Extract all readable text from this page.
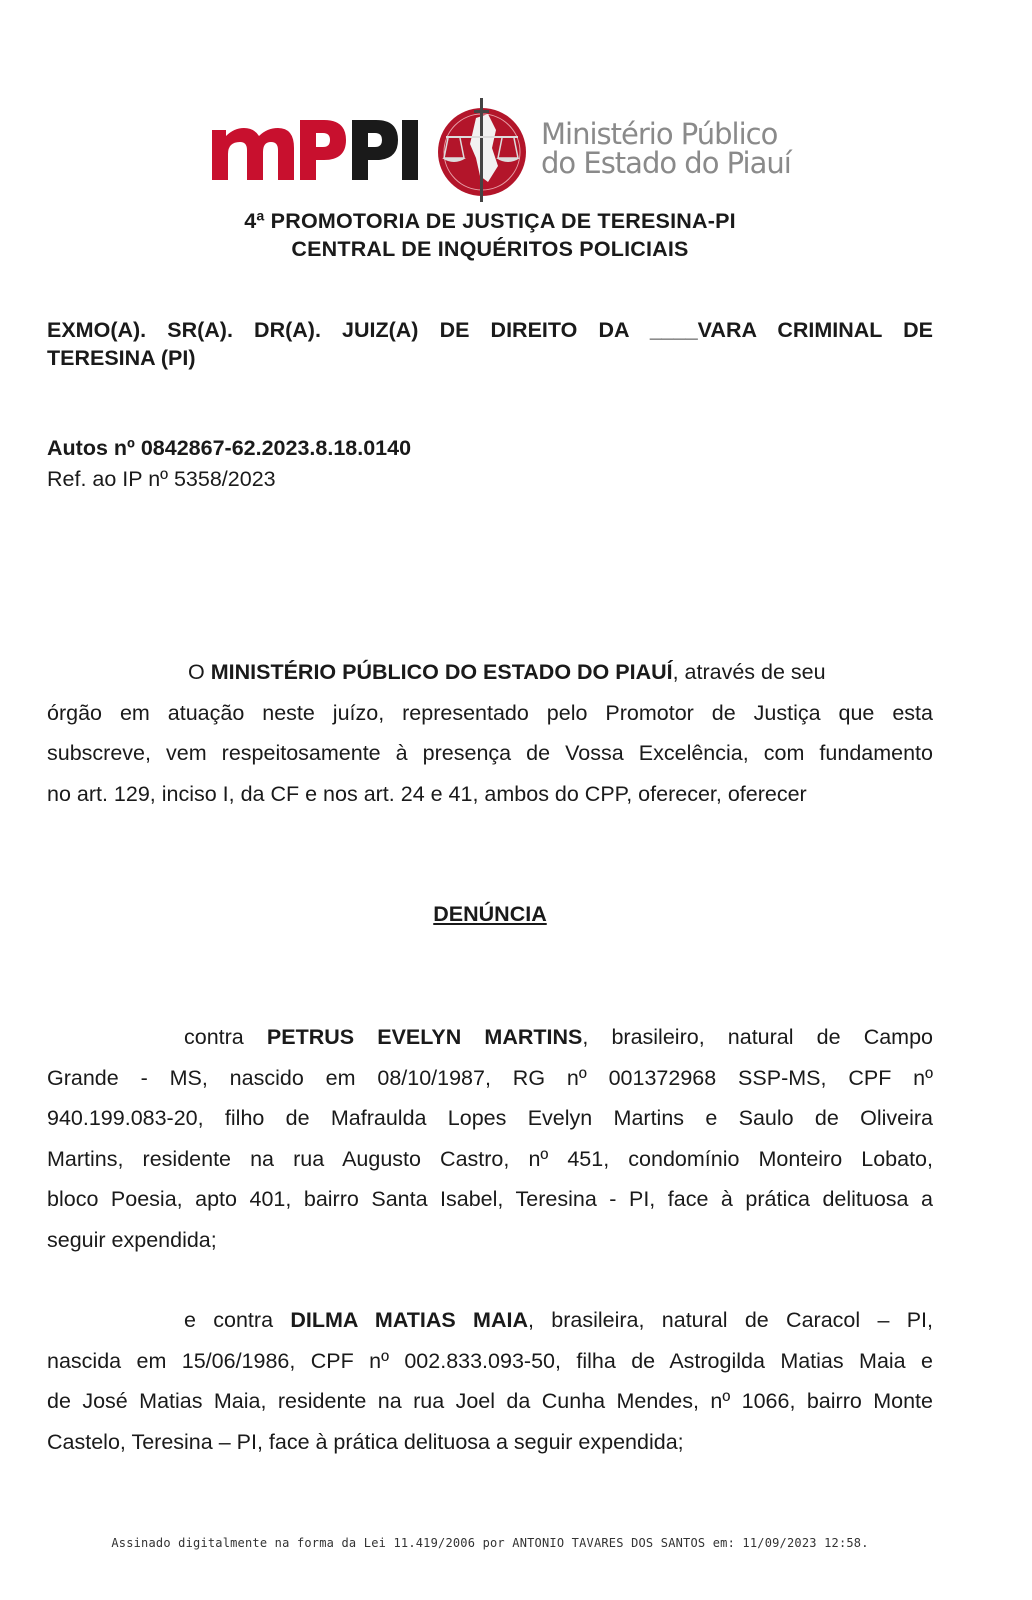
Ministério Público
do Estado do Piauí
4ª PROMOTORIA DE JUSTIÇA DE TERESINA-PI
CENTRAL DE INQUÉRITOS POLICIAIS
EXMO(A). SR(A). DR(A). JUIZ(A) DE DIREITO DA ____VARA CRIMINAL DE
TERESINA (PI)
Autos nº 0842867-62.2023.8.18.0140
Ref. ao IP nº 5358/2023
O MINISTÉRIO PÚBLICO DO ESTADO DO PIAUÍ, através de seu
órgão em atuação neste juízo, representado pelo Promotor de Justiça que esta
subscreve, vem respeitosamente à presença de Vossa Excelência, com fundamento
no art. 129, inciso I, da CF e nos art. 24 e 41, ambos do CPP, oferecer, oferecer
DENÚNCIA
contra PETRUS EVELYN MARTINS, brasileiro, natural de Campo
Grande - MS, nascido em 08/10/1987, RG nº 001372968 SSP-MS, CPF nº
940.199.083-20, filho de Mafraulda Lopes Evelyn Martins e Saulo de Oliveira
Martins, residente na rua Augusto Castro, nº 451, condomínio Monteiro Lobato,
bloco Poesia, apto 401, bairro Santa Isabel, Teresina - PI, face à prática delituosa a
seguir expendida;
e contra DILMA MATIAS MAIA, brasileira, natural de Caracol – PI,
nascida em 15/06/1986, CPF nº 002.833.093-50, filha de Astrogilda Matias Maia e
de José Matias Maia, residente na rua Joel da Cunha Mendes, nº 1066, bairro Monte
Castelo, Teresina – PI, face à prática delituosa a seguir expendida;
Assinado digitalmente na forma da Lei 11.419/2006 por ANTONIO TAVARES DOS SANTOS em: 11/09/2023 12:58.
